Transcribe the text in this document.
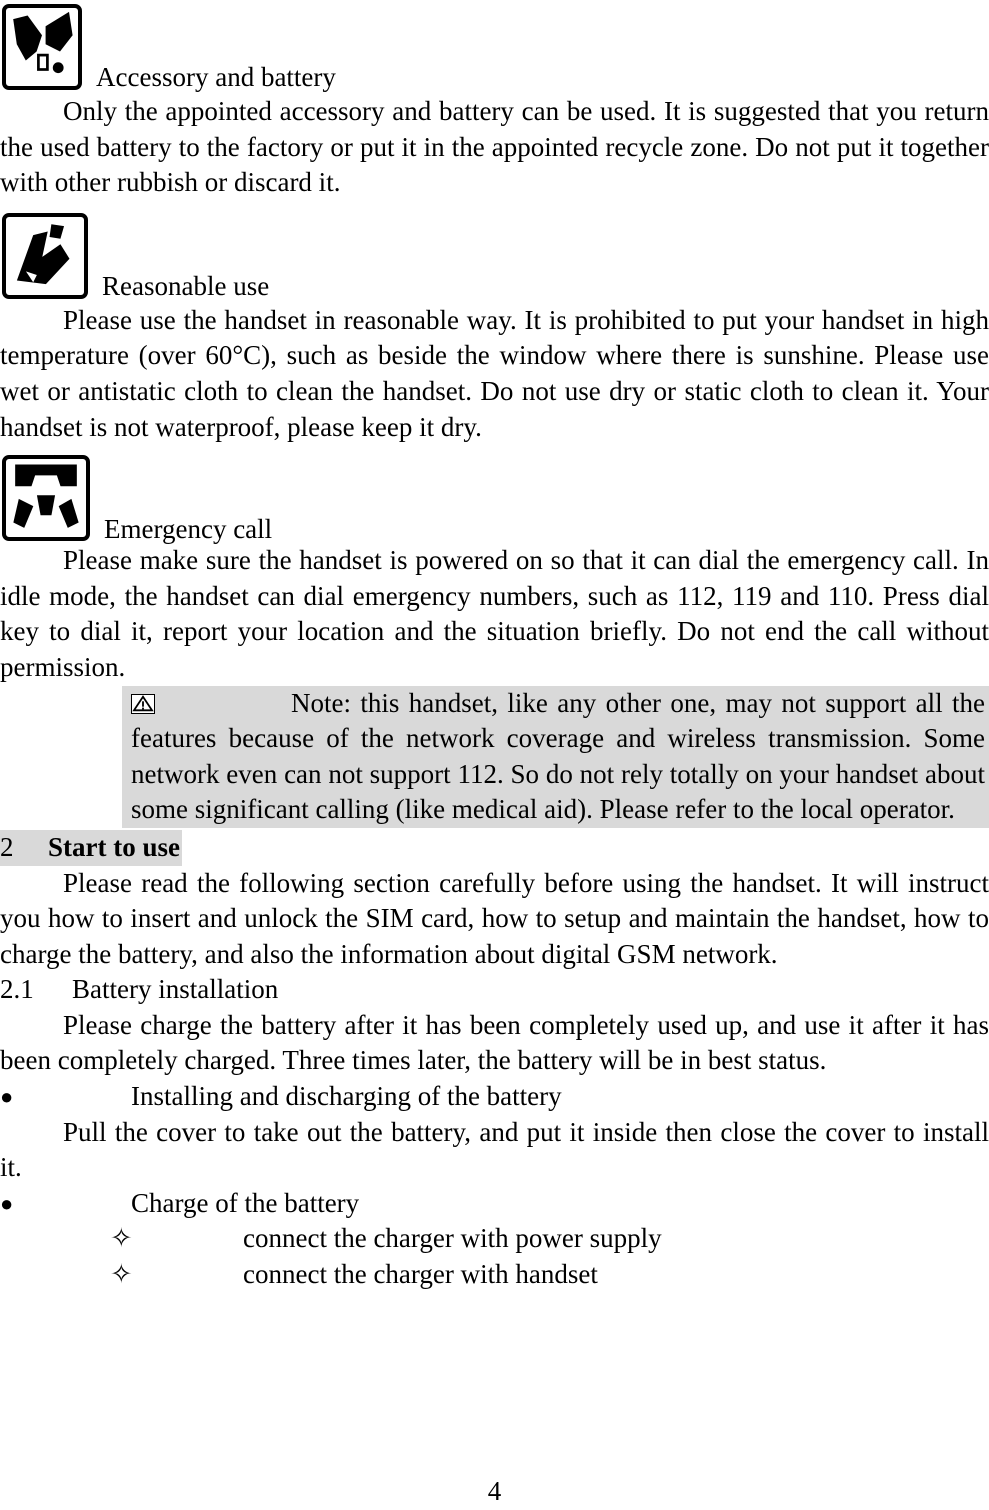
Accessory and battery

Only the appointed accessory and battery can be used. It is suggested that you return the used battery to the factory or put it in the appointed recycle zone. Do not put it together with other rubbish or discard it.

Reasonable use

Please use the handset in reasonable way. It is prohibited to put your handset in high temperature (over 60°C), such as beside the window where there is sunshine. Please use wet or antistatic cloth to clean the handset. Do not use dry or static cloth to clean it. Your handset is not waterproof, please keep it dry.

Emergency call

Please make sure the handset is powered on so that it can dial the emergency call. In idle mode, the handset can dial emergency numbers, such as 112, 119 and 110. Press dial key to dial it, report your location and the situation briefly. Do not end the call without permission.

Note: this handset, like any other one, may not support all the features because of the network coverage and wireless transmission. Some network even can not support 112. So do not rely totally on your handset about some significant calling (like medical aid). Please refer to the local operator.
2 Start to use

Please read the following section carefully before using the handset. It will instruct you how to insert and unlock the SIM card, how to setup and maintain the handset, how to charge the battery, and also the information about digital GSM network.

2.1 Battery installation

Please charge the battery after it has been completely used up, and use it after it has been completely charged. Three times later, the battery will be in best status.

●	Installing and discharging of the battery

Pull the cover to take out the battery, and put it inside then close the cover to install it.

●	Charge of the battery
✧	connect the charger with power supply
✧	connect the charger with handset
4
